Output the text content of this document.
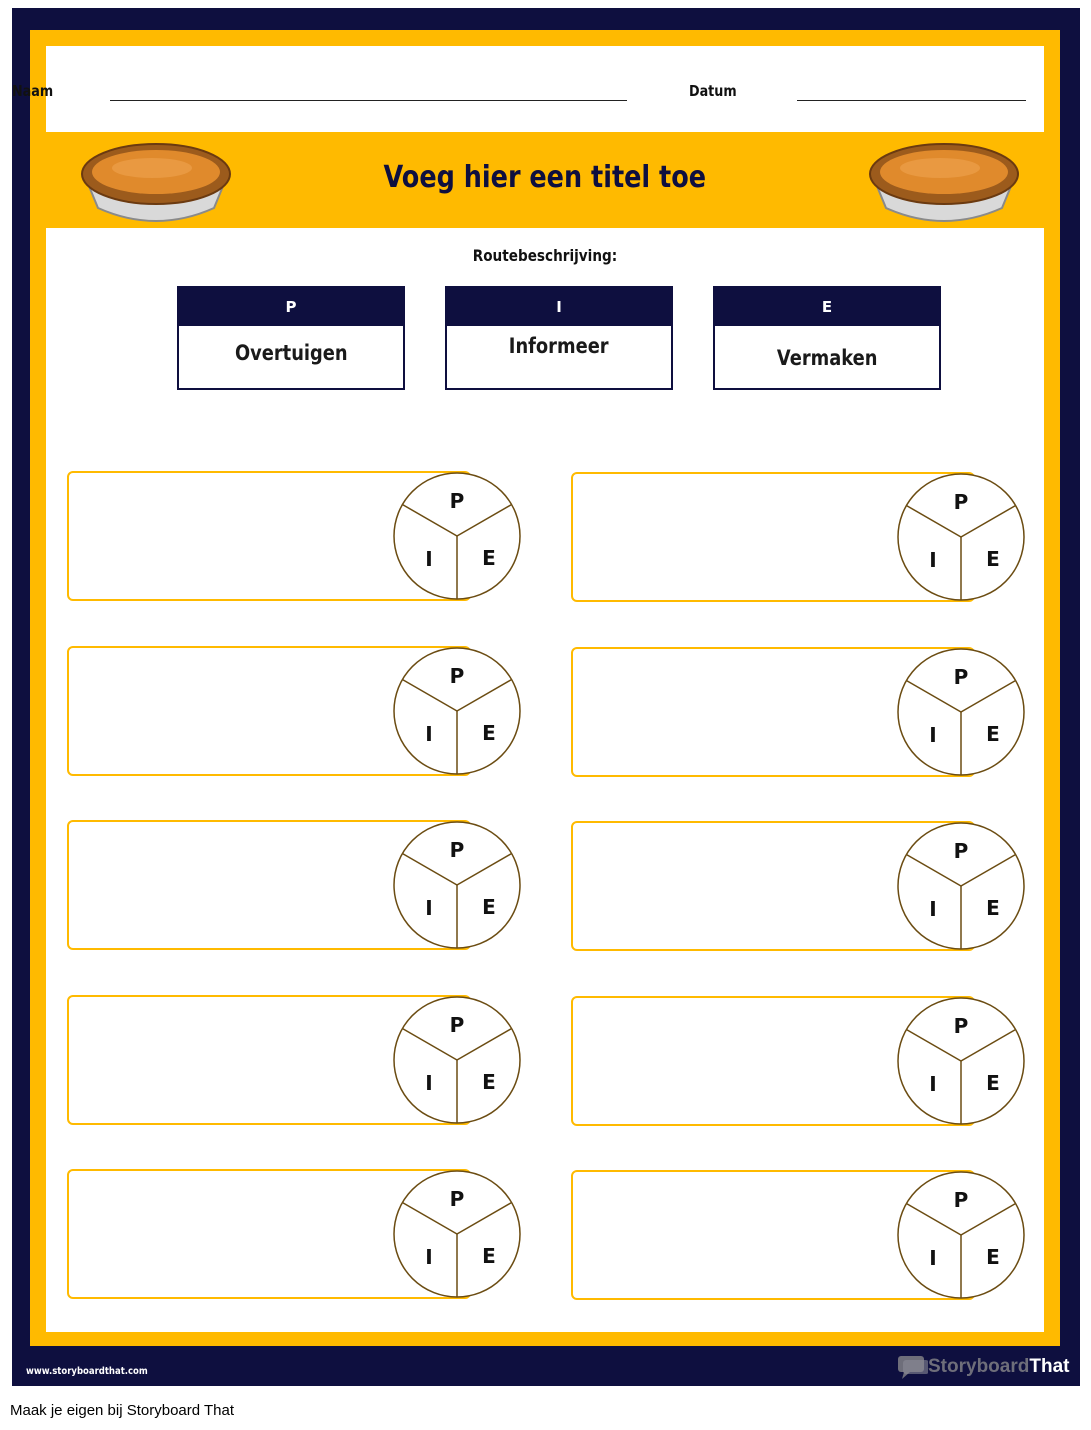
Naam	Datum
Voeg hier een titel toe
Routebeschrijving:
P
Overtuigen
I
Informeer
E
Vermaken
P
I E
P
I E
P
I E
P
I E
P
I E
P
I E
P
I E
P
I E
P
I E
P
I E
www.storyboardthat.com	StoryboardThat
Maak je eigen bij Storyboard That
